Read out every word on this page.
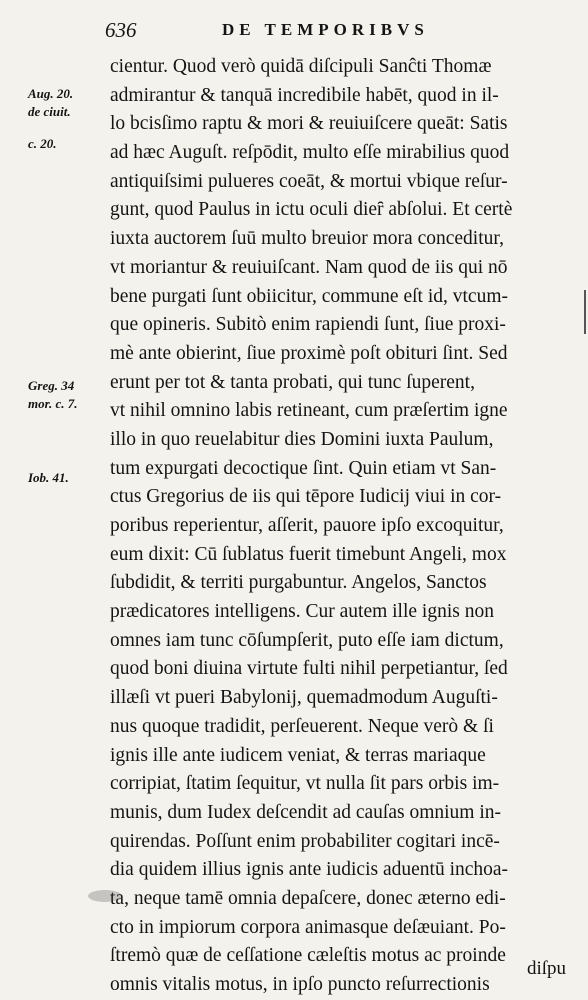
636	DE TEMPORIBVS
Aug. 20.
de ciuit.
c. 20.
Greg. 34
mor. c. 7.
Iob. 41.
cientur. Quod verò quidā diſcipuli Sanĉti Thomæ
admirantur & tanquā incredibile habēt, quod in il-
lo bcisſimo raptu & mori & reuiuiſcere queāt: Satis
ad hæc Auguſt. reſpōdit, multo eſſe mirabilius quod
antiquiſsimi pulueres coeāt, & mortui vbique reſur-
gunt, quod Paulus in ictu oculi dieȓ abſolui. Et certè
iuxta auctorem ſuū multo breuior mora conceditur,
vt moriantur & reuiuiſcant. Nam quod de iis qui nō
bene purgati ſunt obiicitur, commune eſt id, vtcum-
que opineris. Subitò enim rapiendi ſunt, ſiue proxi-
mè ante obierint, ſiue proximè poſt obituri ſint. Sed
erunt per tot & tanta probati, qui tunc ſuperent,
vt nihil omnino labis retineant, cum præſertim igne
illo in quo reuelabitur dies Domini iuxta Paulum,
tum expurgati decoctique ſint. Quin etiam vt San-
ctus Gregorius de iis qui tēpore Iudicij viui in cor-
poribus reperientur, aſſerit, pauore ipſo excoquitur,
eum dixit: Cū ſublatus fuerit timebunt Angeli, mox
ſubdidit, & territi purgabuntur. Angelos, Sanctos
prædicatores intelligens. Cur autem ille ignis non
omnes iam tunc cōſumpſerit, puto eſſe iam dictum,
quod boni diuina virtute fulti nihil perpetiantur, ſed
illæſi vt pueri Babylonij, quemadmodum Auguſti-
nus quoque tradidit, perſeuerent. Neque verò & ſi
ignis ille ante iudicem veniat, & terras mariaque
corripiat, ſtatim ſequitur, vt nulla ſit pars orbis im-
munis, dum Iudex deſcendit ad cauſas omnium in-
quirendas. Poſſunt enim probabiliter cogitari incē-
dia quidem illius ignis ante iudicis aduentū inchoa-
ta, neque tamē omnia depaſcere, donec æterno edi-
cto in impiorum corpora animasque deſæuiant. Po-
ſtremò quæ de ceſſatione cæleſtis motus ac proinde
omnis vitalis motus, in ipſo puncto reſurrectionis
diſpu
